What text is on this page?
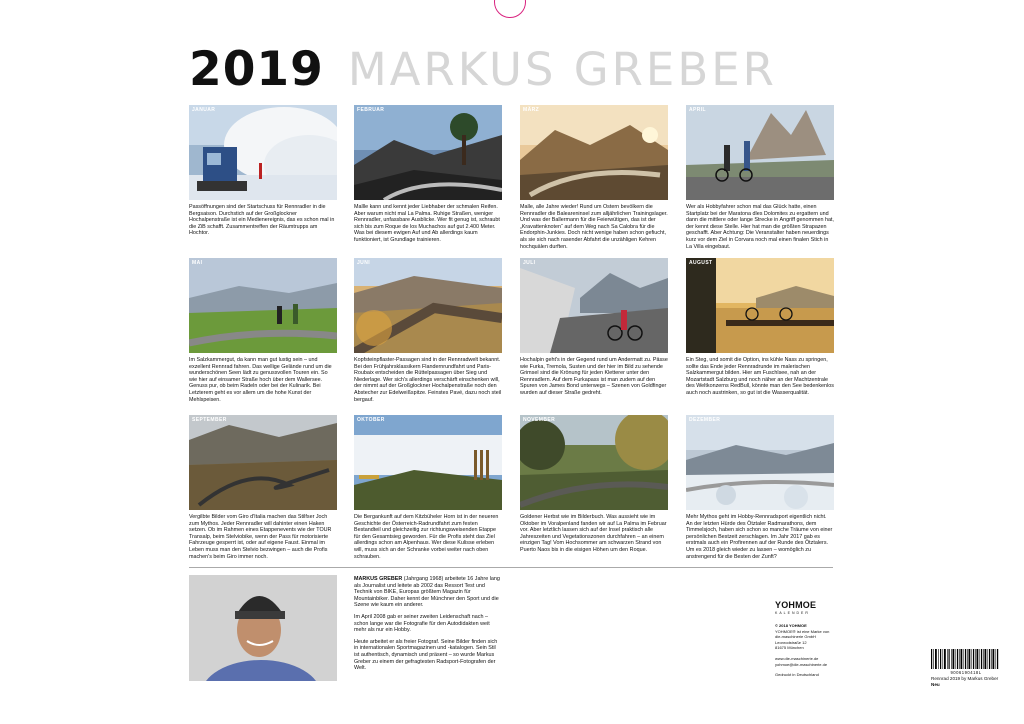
2019 MARKUS GREBER
JANUAR
Passöffnungen sind der Startschuss für Rennradler in die Bergsaison. Durchstich auf der Großglockner Hochalpenstraße ist ein Medienereignis, das es schon mal in die ZiB schafft. Zusammentreffen der Räumtrupps am Hochtor.
FEBRUAR
Mallle kann und kennt jeder Liebhaber der schmalen Reifen. Aber warum nicht mal La Palma. Ruhige Straßen, weniger Rennradler, unfassbare Ausblicke. Wer fit genug ist, schraubt sich bis zum Roque de los Muchachos auf gut 2.400 Meter. Was bei diesem ewigen Auf und Ab allerdings kaum funktioniert, ist Grundlage trainieren.
MÄRZ
Malle, alle Jahre wieder! Rund um Ostern bevölkern die Rennradler die Baleareninsel zum alljährlichen Trainingslager. Und was der Ballermann für die Feierwütigen, das ist der „Kravattenknoten“ auf dem Weg nach Sa Calobra für die Endorphin-Junkies. Doch nicht wenige haben schon gefiucht, als sie sich nach rasender Abfahrt die unzähligen Kehren hochquälen durften.
APRIL
Wer als Hobbyfahrer schon mal das Glück hatte, einen Startplatz bei der Maratona dles Dolomites zu ergattern und dann die mittlere oder lange Strecke in Angriff genommen hat, der kennt diese Stelle. Hier hat man die größten Strapazen geschafft. Aber Achtung: Die Veranstalter haben neuerdings kurz vor dem Ziel in Corvara noch mal einen finalen Stich in La Villa eingebaut.
MAI
Im Salzkammergut, da kann man gut lustig sein – und exzellent Rennrad fahren. Das wellige Gelände rund um die wunderschönen Seen lädt zu genussvollen Touren ein. So wie hier auf einsamer Straße hoch über dem Wallersee. Genuss pur, ob beim Radeln oder bei der Kulinarik. Bei Letzterem geht es vor allem um die hohe Kunst der Mehlspeisen.
JUNI
Kopfsteinpflaster-Passagen sind in der Rennradwelt bekannt. Bei den Frühjahrsklassikern Flandernrundfahrt und Paris-Roubaix entscheiden die Rüttelpassagen über Sieg und Niederlage. Wer sich's allerdings verschärft einschenken will, der nimmt auf der Großglockner Hochalpenstraße noch den Abstecher zur Edelweißspitze. Feinstes Pavé, dazu noch steil bergauf.
JULI
Hochalpin geht's in der Gegend rund um Andermatt zu. Pässe wie Furka, Tremola, Susten und der hier im Bild zu sehende Grimsel sind die Krönung für jeden Kletterer unter den Rennradlern. Auf dem Furkapass ist man zudem auf den Spuren von James Bond unterwegs – Szenen von Goldfinger wurden auf dieser Straße gedreht.
AUGUST
Ein Steg, und somit die Option, ins kühle Nass zu springen, sollte das Ende jeder Rennradrunde im malerischen Salzkammergut bilden. Hier am Fuschlsee, nah an der Mozartstadt Salzburg und noch näher an der Machtzentrale des Weltkonzerns RedBull, könnte man den See bedenkenlos auch noch austrinken, so gut ist die Wasserqualität.
SEPTEMBER
Vergilbte Bilder vom Giro d'Italia machen das Stilfser Joch zum Mythos. Jeder Rennradler will dahinter einen Haken setzen. Ob im Rahmen eines Etappenevents wie der TOUR Transalp, beim Stelviobike, wenn der Pass für motorisierte Fahrzeuge gesperrt ist, oder auf eigene Faust. Einmal im Leben muss man den Stelvio bezwingen – auch die Profis machen's beim Giro immer noch.
OKTOBER
Die Bergankunft auf dem Kitzbüheler Horn ist in der neueren Geschichte der Österreich-Radrundfahrt zum festen Bestandteil und gleichzeitig zur richtungsweisenden Etappe für den Gesamtsieg geworden. Für die Profis steht das Ziel allerdings schon am Alpenhaus. Wer diese Kulisse erleben will, muss sich an der Schranke vorbei weiter nach oben schrauben.
NOVEMBER
Goldener Herbst wie im Bilderbuch. Was aussieht wie im Oktober im Voralpenland fanden wir auf La Palma im Februar vor. Aber letztlich lassen sich auf der Insel praktisch alle Jahreszeiten und Vegetationszonen durchfahren – an einem einzigen Tag! Vom Hochsommer am schwarzen Strand von Puerto Naos bis in die eisigen Höhen um den Roque.
DEZEMBER
Mehr Mythos geht im Hobby-Rennradsport eigentlich nicht. An der letzten Hürde des Ötztaler Radmarathons, dem Timmelsjoch, haben sich schon so manche Träume von einer persönlichen Bestzeit zerschlagen. Im Jahr 2017 gab es erstmals auch ein Profirennen auf der Runde des Ötztalers. Um es 2018 gleich wieder zu lassen – womöglich zu anstrengend für die Besten der Zunft?

MARKUS GREBER (Jahrgang 1968) arbeitete 16 Jahre lang als Journalist und leitete ab 2002 das Ressort Test und Technik von BIKE, Europas größtem Magazin für Mountainbiker. Daher kennt der Münchner den Sport und die Szene wie kaum ein anderer.

Im April 2008 gab er seiner zweiten Leidenschaft nach – schon lange war die Fotografie für den Autodidakten weit mehr als nur ein Hobby.

Heute arbeitet er als freier Fotograf. Seine Bilder finden sich in internationalen Sportmagazinen und -katalogen. Sein Stil ist authentisch, dynamisch und präsent – so wurde Markus Greber zu einem der gefragtesten Radsport-Fotografen der Welt.

YOHMOE
KALENDER
© 2018 YOHMOE
YOHMOE® ist eine Marke von
die-maschinerie GmbH
Leonrodstraße 12
81675 München
www.die-maschinerie.de
yohmoe@die-maschinerie.de
Gedruckt in Deutschland	9006190418L
Rennrad 2019 by Markus Greber
Neu
